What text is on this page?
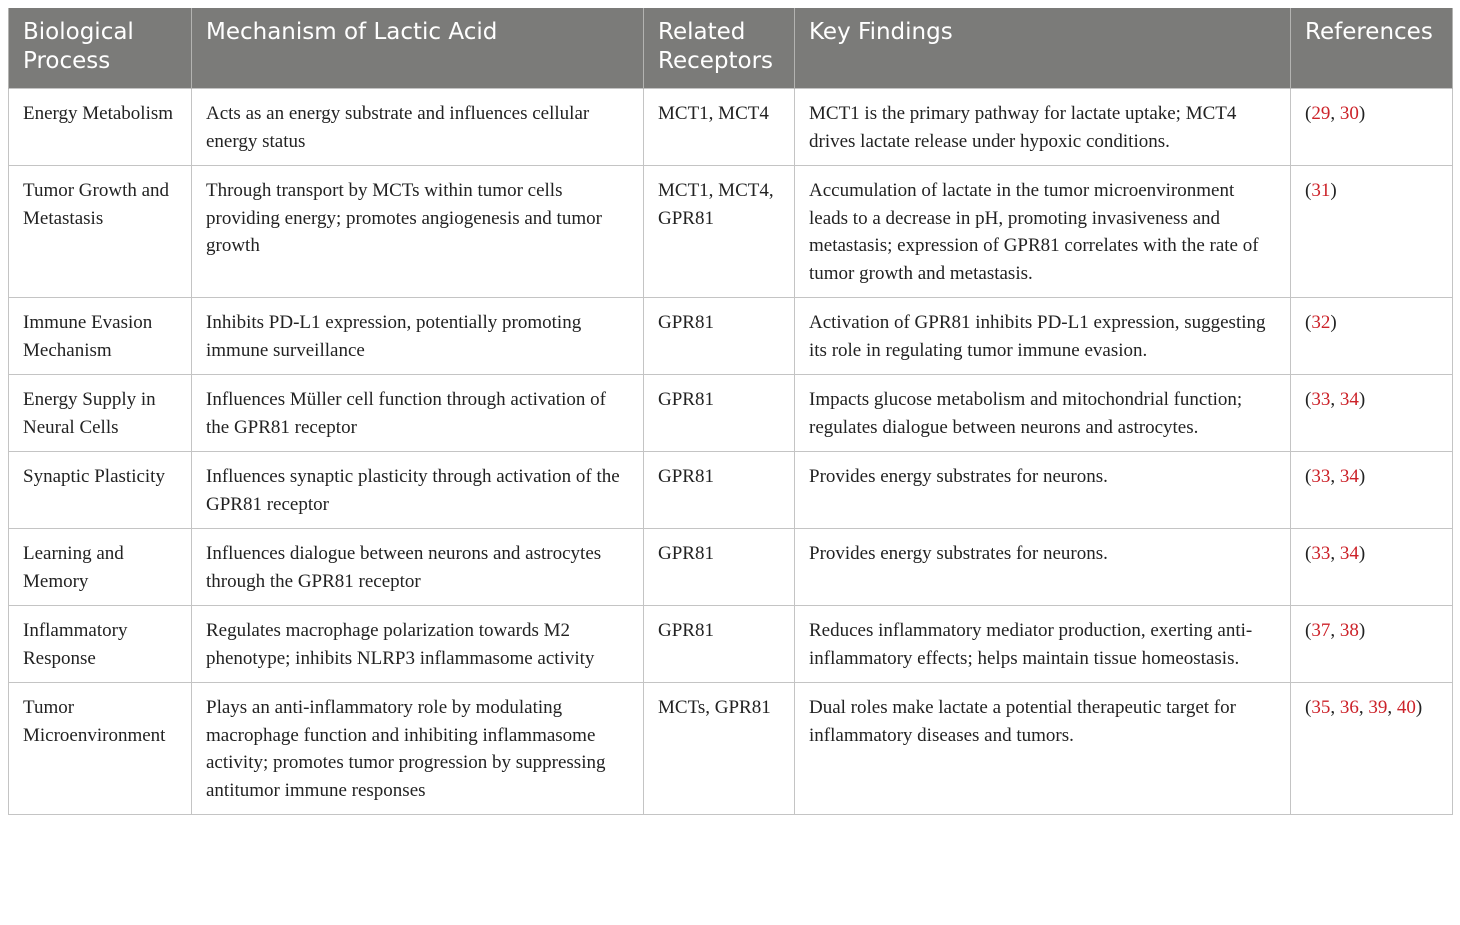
Biological Process	Mechanism of Lactic Acid	Related Receptors	Key Findings	References
Energy Metabolism	Acts as an energy substrate and influences cellular energy status	MCT1, MCT4	MCT1 is the primary pathway for lactate uptake; MCT4 drives lactate release under hypoxic conditions.	(29, 30)
Tumor Growth and Metastasis	Through transport by MCTs within tumor cells providing energy; promotes angiogenesis and tumor growth	MCT1, MCT4, GPR81	Accumulation of lactate in the tumor microenvironment leads to a decrease in pH, promoting invasiveness and metastasis; expression of GPR81 correlates with the rate of tumor growth and metastasis.	(31)
Immune Evasion Mechanism	Inhibits PD-L1 expression, potentially promoting immune surveillance	GPR81	Activation of GPR81 inhibits PD-L1 expression, suggesting its role in regulating tumor immune evasion.	(32)
Energy Supply in Neural Cells	Influences Müller cell function through activation of the GPR81 receptor	GPR81	Impacts glucose metabolism and mitochondrial function; regulates dialogue between neurons and astrocytes.	(33, 34)
Synaptic Plasticity	Influences synaptic plasticity through activation of the GPR81 receptor	GPR81	Provides energy substrates for neurons.	(33, 34)
Learning and Memory	Influences dialogue between neurons and astrocytes through the GPR81 receptor	GPR81	Provides energy substrates for neurons.	(33, 34)
Inflammatory Response	Regulates macrophage polarization towards M2 phenotype; inhibits NLRP3 inflammasome activity	GPR81	Reduces inflammatory mediator production, exerting anti-inflammatory effects; helps maintain tissue homeostasis.	(37, 38)
Tumor Microenvironment	Plays an anti-inflammatory role by modulating macrophage function and inhibiting inflammasome activity; promotes tumor progression by suppressing antitumor immune responses	MCTs, GPR81	Dual roles make lactate a potential therapeutic target for inflammatory diseases and tumors.	(35, 36, 39, 40)
